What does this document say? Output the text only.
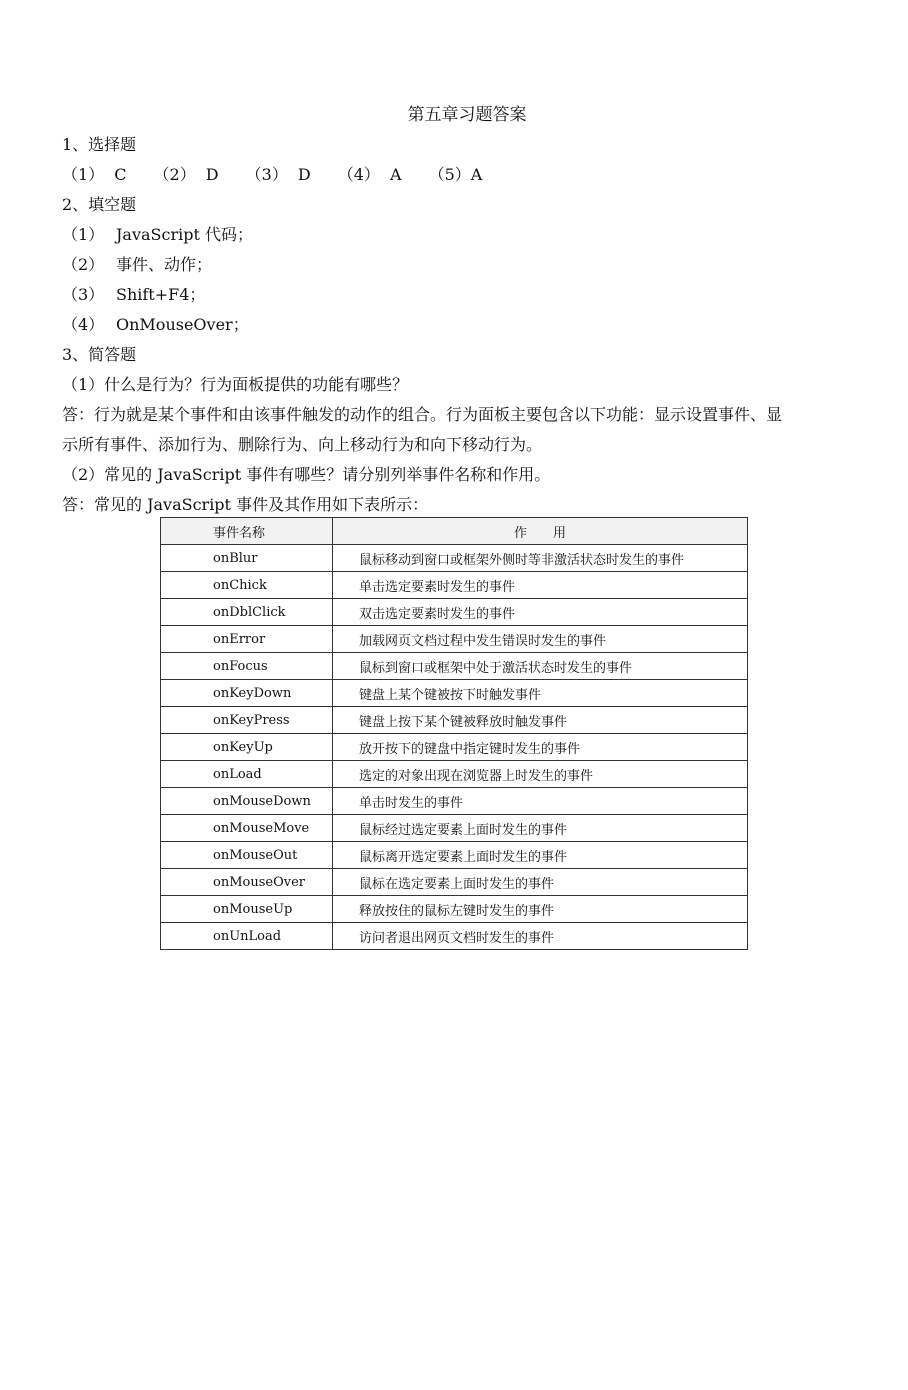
第五章习题答案
1、选择题
（1） C （2） D （3） D （4） A （5）A
2、填空题
（1） JavaScript 代码；
（2） 事件、动作；
（3） Shift+F4；
（4） OnMouseOver；
3、简答题
（1）什么是行为？行为面板提供的功能有哪些？
答：行为就是某个事件和由该事件触发的动作的组合。行为面板主要包含以下功能：显示设置事件、显
示所有事件、添加行为、删除行为、向上移动行为和向下移动行为。
（2）常见的 JavaScript 事件有哪些？请分别列举事件名称和作用。
答：常见的 JavaScript 事件及其作用如下表所示：
事件名称	作　　用
onBlur	鼠标移动到窗口或框架外侧时等非激活状态时发生的事件
onChick	单击选定要素时发生的事件
onDblClick	双击选定要素时发生的事件
onError	加载网页文档过程中发生错误时发生的事件
onFocus	鼠标到窗口或框架中处于激活状态时发生的事件
onKeyDown	键盘上某个键被按下时触发事件
onKeyPress	键盘上按下某个键被释放时触发事件
onKeyUp	放开按下的键盘中指定键时发生的事件
onLoad	选定的对象出现在浏览器上时发生的事件
onMouseDown	单击时发生的事件
onMouseMove	鼠标经过选定要素上面时发生的事件
onMouseOut	鼠标离开选定要素上面时发生的事件
onMouseOver	鼠标在选定要素上面时发生的事件
onMouseUp	释放按住的鼠标左键时发生的事件
onUnLoad	访问者退出网页文档时发生的事件
